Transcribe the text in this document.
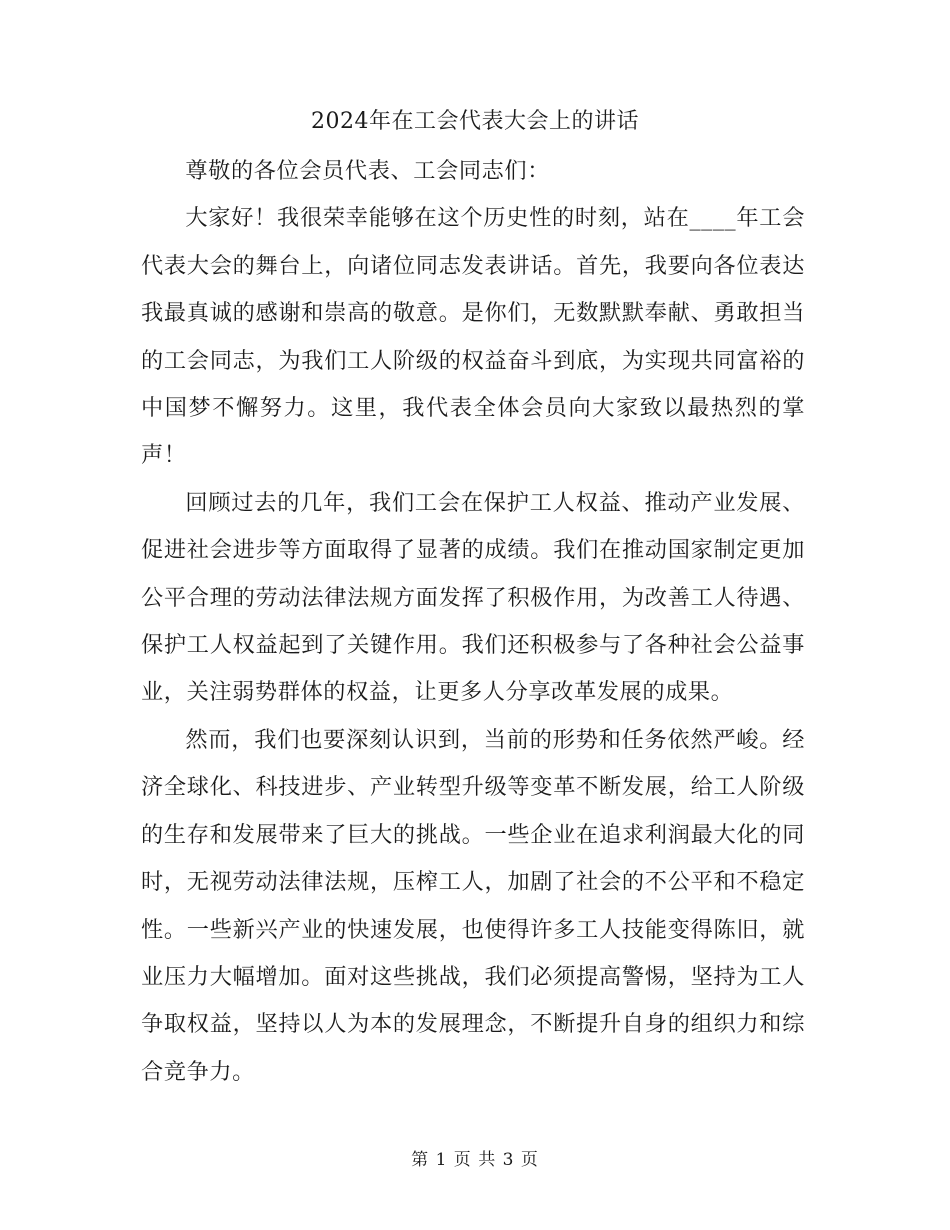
2024年在工会代表大会上的讲话

尊敬的各位会员代表、工会同志们：

大家好！我很荣幸能够在这个历史性的时刻，站在____年工会代表大会的舞台上，向诸位同志发表讲话。首先，我要向各位表达我最真诚的感谢和崇高的敬意。是你们，无数默默奉献、勇敢担当的工会同志，为我们工人阶级的权益奋斗到底，为实现共同富裕的中国梦不懈努力。这里，我代表全体会员向大家致以最热烈的掌声！

回顾过去的几年，我们工会在保护工人权益、推动产业发展、促进社会进步等方面取得了显著的成绩。我们在推动国家制定更加公平合理的劳动法律法规方面发挥了积极作用，为改善工人待遇、保护工人权益起到了关键作用。我们还积极参与了各种社会公益事业，关注弱势群体的权益，让更多人分享改革发展的成果。

然而，我们也要深刻认识到，当前的形势和任务依然严峻。经济全球化、科技进步、产业转型升级等变革不断发展，给工人阶级的生存和发展带来了巨大的挑战。一些企业在追求利润最大化的同时，无视劳动法律法规，压榨工人，加剧了社会的不公平和不稳定性。一些新兴产业的快速发展，也使得许多工人技能变得陈旧，就业压力大幅增加。面对这些挑战，我们必须提高警惕，坚持为工人争取权益，坚持以人为本的发展理念，不断提升自身的组织力和综合竞争力。

第 1 页 共 3 页
